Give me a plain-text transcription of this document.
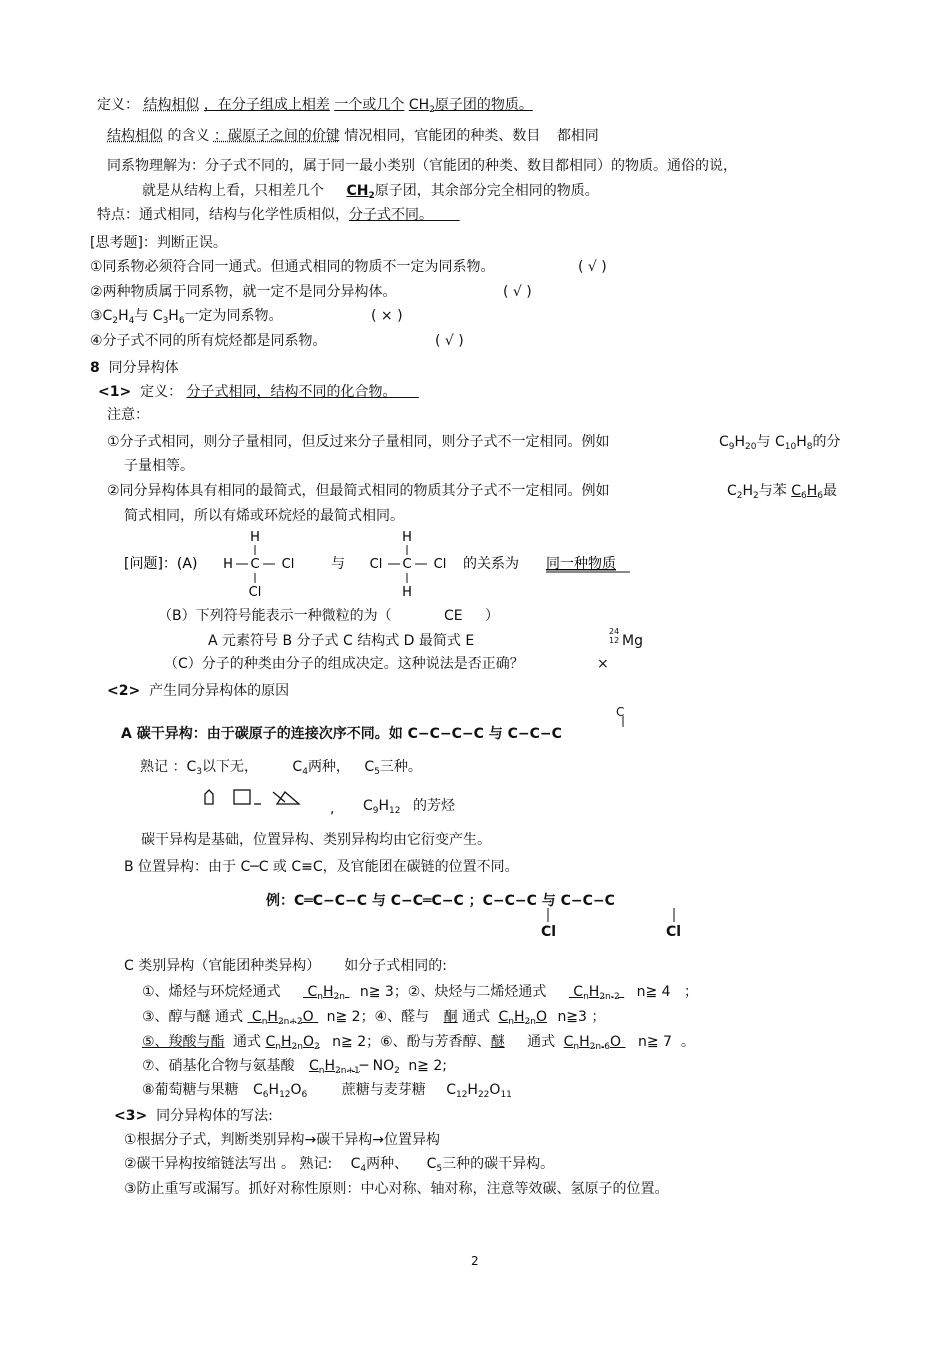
定义： 结构相似 ，在分子组成上相差 一个或几个 $CH_2$原子团的物质。
结构相似 的含义 ：碳原子之间的价键 情况相同，官能团的种类、数目 都相同
同系物理解为：分子式不同的，属于同一最小类别（官能团的种类、数目都相同）的物质。通俗的说，
就是从结构上看，只相差几个 $CH_2$原子团，其余部分完全相同的物质。
特点：通式相同，结构与化学性质相似，分子式不同。
[思考题]：判断正误。
①同系物必须符合同一通式。但通式相同的物质不一定为同系物。	( √ )
②两种物质属于同系物，就一定不是同分异构体。	( √ )
$③C_2H_4$与 $C_3H_6$一定为同系物。	( × )
④分子式不同的所有烷烃都是同系物。	( √ )
8 同分异构体
<1> 定义： 分子式相同，结构不同的化合物。
注意：
①分子式相同，则分子量相同，但反过来分子量相同，则分子式不一定相同。例如	$C_9H_{20}$与 $C_{10}H_8$的分
子量相等。
②同分异构体具有相同的最简式，但最简式相同的物质其分子式不一定相同。例如	$C_2H_2$与苯 $C_6H_6$最
简式相同，所以有烯或环烷烃的最简式相同。
[问题]：(A)
H
H C Cl
Cl
与
H
Cl C Cl
H
的关系为 同一种物质
（B）下列符号能表示一种微粒的为（	CE ）
A 元素符号 B 分子式 C 结构式 D 最简式 E
24
12 Mg
（C）分子的种类由分子的组成决定。这种说法是否正确？	×
<2> 产生同分异构体的原因
C
A 碳干异构：由于碳原子的连接次序不同。如 C−C−C−C 与 C−C−C
熟记 ：$C_3$以下无， $C_4$两种， $C_5$三种。
, $C_9H_{12}$ 的芳烃
碳干异构是基础，位置异构、类别异构均由它衍变产生。
B 位置异构：由于 C─C 或 C≡C，及官能团在碳链的位置不同。
例：C═C−C−C 与 C−C═C−C ；C−C−C 与 C−C−C
Cl	Cl
C 类别异构（官能团种类异构） 如分子式相同的:
①、烯烃与环烷烃通式  $C_nH_{2n}$ n≧ 3；②、炔烃与二烯烃通式  $C_nH_{2n-2}$ n≧ 4   ；
③、醇与醚 通式  $C_nH_{2n+2}O$  n≧ 2；④、醛与 酮 通式 $C_nH_{2n}O$ n≧3 ；
⑤、羧酸与酯 通式 $C_nH_{2n}O_2$ n≧ 2；⑥、酚与芳香醇、醚 通式 $C_nH_{2n-6}O$  n≧ 7  。
⑦、硝基化合物与氨基酸 $C_nH_{2n+1}─$ $NO_2$ n≧ 2;
⑧葡萄糖与果糖 $C_6H_{12}O_6$ 蔗糖与麦芽糖 $C_{12}H_{22}O_{11}$
<3> 同分异构体的写法:
①根据分子式，判断类别异构→碳干异构→位置异构
②碳干异构按缩链法写出 。 熟记: $C_4$两种、 $C_5$三种的碳干异构。
③防止重写或漏写。抓好对称性原则：中心对称、轴对称，注意等效碳、氢原子的位置。
2
